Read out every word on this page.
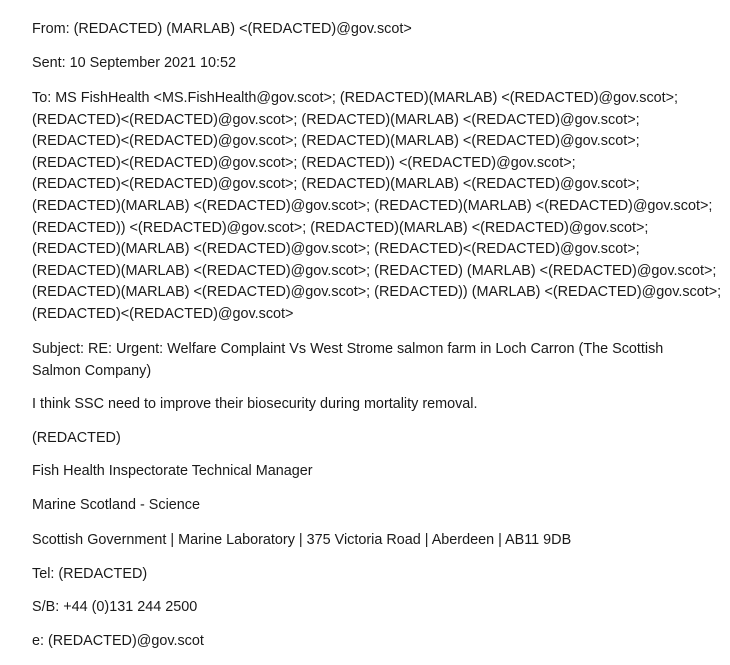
From: (REDACTED) (MARLAB) <(REDACTED)@gov.scot>

Sent: 10 September 2021 10:52

To: MS FishHealth <MS.FishHealth@gov.scot>; (REDACTED)(MARLAB) <(REDACTED)@gov.scot>;
(REDACTED)<(REDACTED)@gov.scot>; (REDACTED)(MARLAB) <(REDACTED)@gov.scot>;
(REDACTED)<(REDACTED)@gov.scot>; (REDACTED)(MARLAB) <(REDACTED)@gov.scot>;
(REDACTED)<(REDACTED)@gov.scot>; (REDACTED)) <(REDACTED)@gov.scot>;
(REDACTED)<(REDACTED)@gov.scot>; (REDACTED)(MARLAB) <(REDACTED)@gov.scot>;
(REDACTED)(MARLAB) <(REDACTED)@gov.scot>; (REDACTED)(MARLAB) <(REDACTED)@gov.scot>;
(REDACTED)) <(REDACTED)@gov.scot>; (REDACTED)(MARLAB) <(REDACTED)@gov.scot>;
(REDACTED)(MARLAB) <(REDACTED)@gov.scot>; (REDACTED)<(REDACTED)@gov.scot>;
(REDACTED)(MARLAB) <(REDACTED)@gov.scot>; (REDACTED) (MARLAB) <(REDACTED)@gov.scot>;
(REDACTED)(MARLAB) <(REDACTED)@gov.scot>; (REDACTED)) (MARLAB) <(REDACTED)@gov.scot>;
(REDACTED)<(REDACTED)@gov.scot>
Subject: RE: Urgent: Welfare Complaint Vs West Strome salmon farm in Loch Carron (The Scottish
Salmon Company)

I think SSC need to improve their biosecurity during mortality removal.

(REDACTED)

Fish Health Inspectorate Technical Manager

Marine Scotland - Science

Scottish Government | Marine Laboratory | 375 Victoria Road | Aberdeen | AB11 9DB

Tel: (REDACTED)

S/B: +44 (0)131 244 2500

e: (REDACTED)@gov.scot
